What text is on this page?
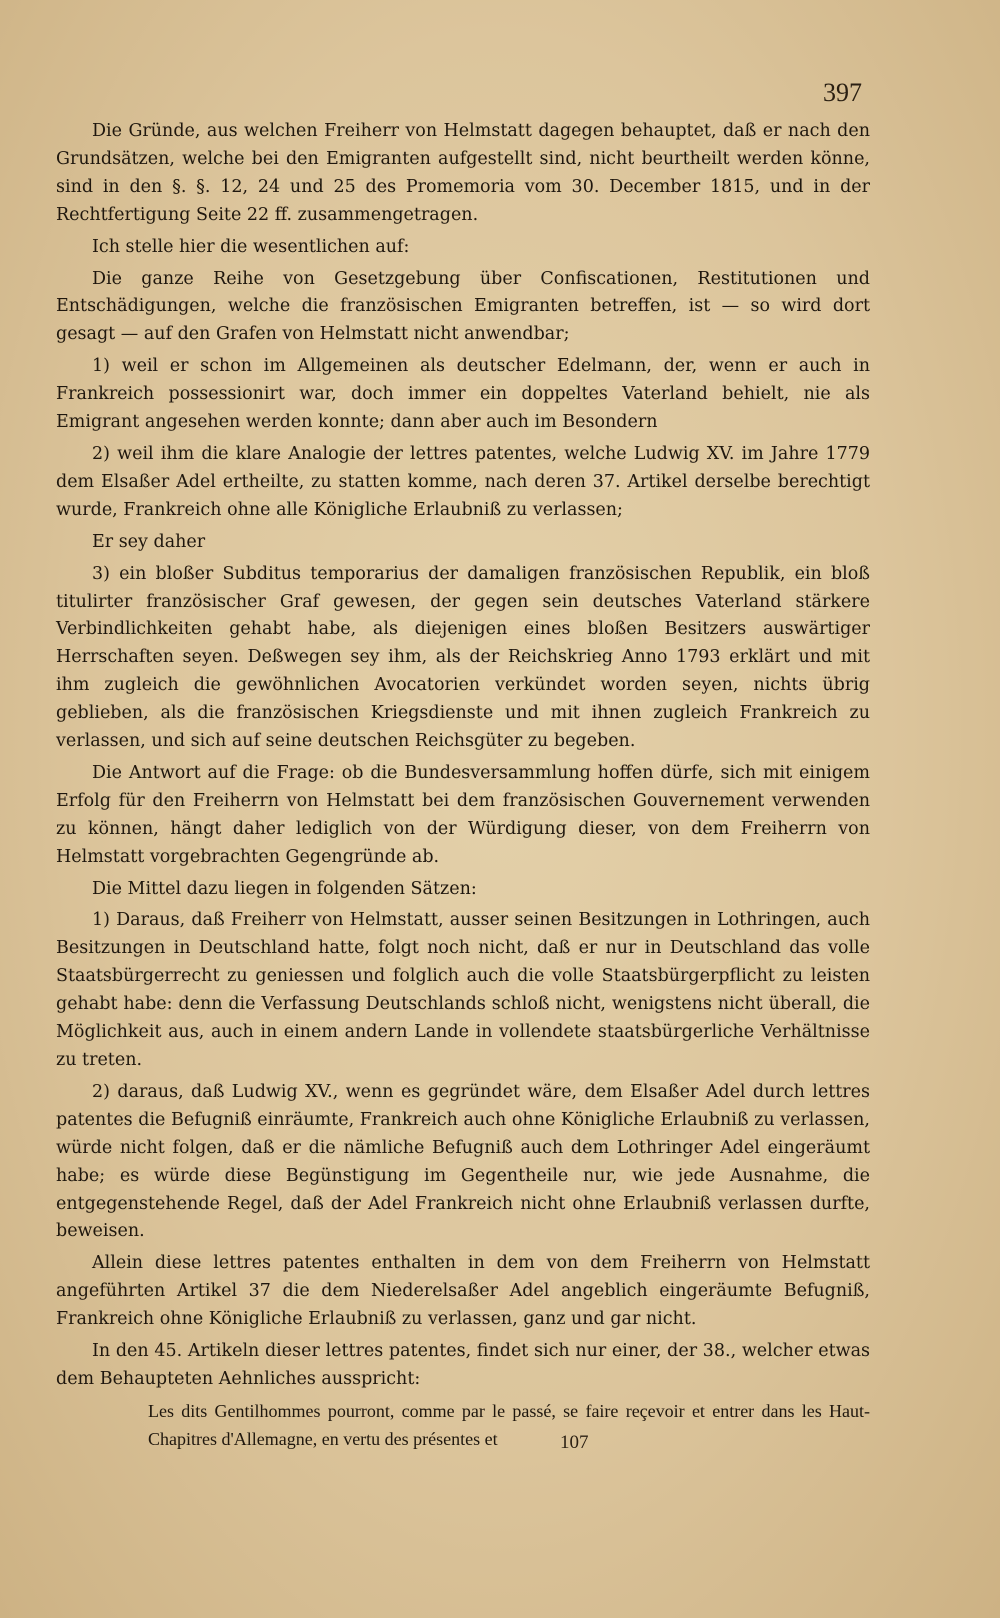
397

Die Gründe, aus welchen Freiherr von Helmstatt dagegen behauptet, daß er nach den Grundsätzen, welche bei den Emigranten aufgestellt sind, nicht beurtheilt werden könne, sind in den §. §. 12, 24 und 25 des Promemoria vom 30. December 1815, und in der Rechtfertigung Seite 22 ff. zusammengetragen.

Ich stelle hier die wesentlichen auf:

Die ganze Reihe von Gesetzgebung über Confiscationen, Restitutionen und Entschädigungen, welche die französischen Emigranten betreffen, ist — so wird dort gesagt — auf den Grafen von Helmstatt nicht anwendbar;

1) weil er schon im Allgemeinen als deutscher Edelmann, der, wenn er auch in Frankreich possessionirt war, doch immer ein doppeltes Vaterland behielt, nie als Emigrant angesehen werden konnte; dann aber auch im Besondern

2) weil ihm die klare Analogie der lettres patentes, welche Ludwig XV. im Jahre 1779 dem Elsaßer Adel ertheilte, zu statten komme, nach deren 37. Artikel derselbe berechtigt wurde, Frankreich ohne alle Königliche Erlaubniß zu verlassen;

Er sey daher

3) ein bloßer Subditus temporarius der damaligen französischen Republik, ein bloß titulirter französischer Graf gewesen, der gegen sein deutsches Vaterland stärkere Verbindlichkeiten gehabt habe, als diejenigen eines bloßen Besitzers auswärtiger Herrschaften seyen. Deßwegen sey ihm, als der Reichskrieg Anno 1793 erklärt und mit ihm zugleich die gewöhnlichen Avocatorien verkündet worden seyen, nichts übrig geblieben, als die französischen Kriegsdienste und mit ihnen zugleich Frankreich zu verlassen, und sich auf seine deutschen Reichsgüter zu begeben.

Die Antwort auf die Frage: ob die Bundesversammlung hoffen dürfe, sich mit einigem Erfolg für den Freiherrn von Helmstatt bei dem französischen Gouvernement verwenden zu können, hängt daher lediglich von der Würdigung dieser, von dem Freiherrn von Helmstatt vorgebrachten Gegengründe ab.

Die Mittel dazu liegen in folgenden Sätzen:

1) Daraus, daß Freiherr von Helmstatt, ausser seinen Besitzungen in Lothringen, auch Besitzungen in Deutschland hatte, folgt noch nicht, daß er nur in Deutschland das volle Staatsbürgerrecht zu geniessen und folglich auch die volle Staatsbürgerpflicht zu leisten gehabt habe: denn die Verfassung Deutschlands schloß nicht, wenigstens nicht überall, die Möglichkeit aus, auch in einem andern Lande in vollendete staatsbürgerliche Verhältnisse zu treten.

2) daraus, daß Ludwig XV., wenn es gegründet wäre, dem Elsaßer Adel durch lettres patentes die Befugniß einräumte, Frankreich auch ohne Königliche Erlaubniß zu verlassen, würde nicht folgen, daß er die nämliche Befugniß auch dem Lothringer Adel eingeräumt habe; es würde diese Begünstigung im Gegentheile nur, wie jede Ausnahme, die entgegenstehende Regel, daß der Adel Frankreich nicht ohne Erlaubniß verlassen durfte, beweisen.

Allein diese lettres patentes enthalten in dem von dem Freiherrn von Helmstatt angeführten Artikel 37 die dem Niederelsaßer Adel angeblich eingeräumte Befugniß, Frankreich ohne Königliche Erlaubniß zu verlassen, ganz und gar nicht.

In den 45. Artikeln dieser lettres patentes, findet sich nur einer, der 38., welcher etwas dem Behaupteten Aehnliches ausspricht:

Les dits Gentilhommes pourront, comme par le passé, se faire reçevoir et entrer dans les Haut-Chapitres d'Allemagne, en vertu des présentes et	107
